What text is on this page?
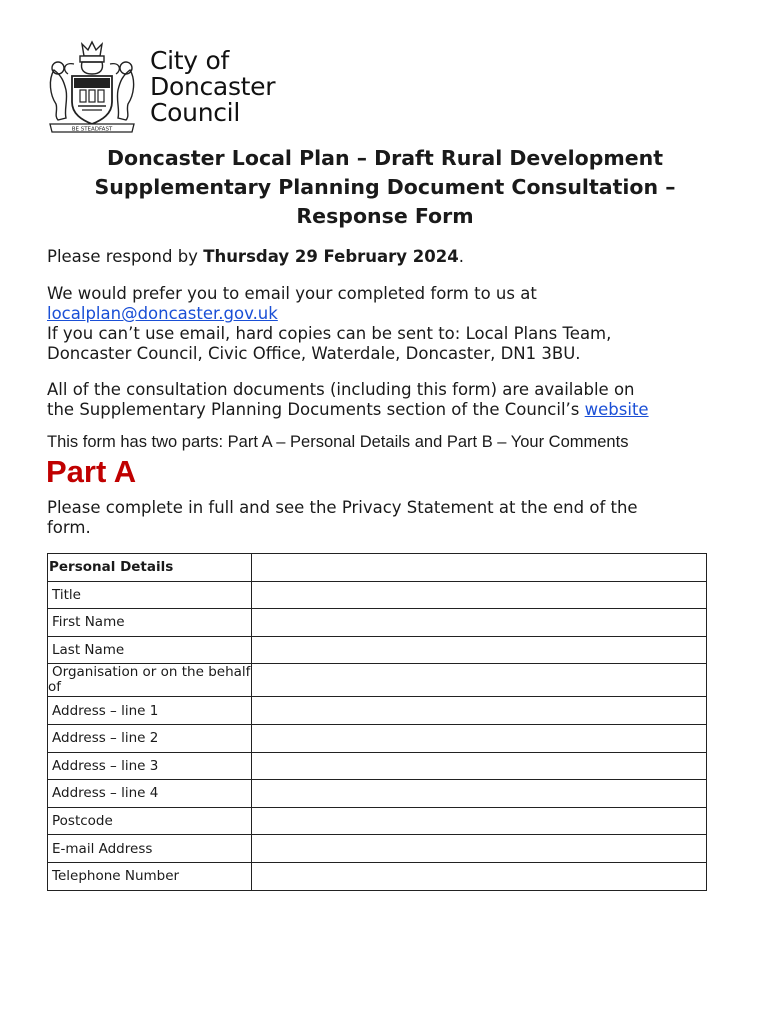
BE STEADFAST
City of
Doncaster
Council
Doncaster Local Plan – Draft Rural Development
Supplementary Planning Document Consultation –
Response Form
Please respond by Thursday 29 February 2024.
We would prefer you to email your completed form to us at
localplan@doncaster.gov.uk
If you can’t use email, hard copies can be sent to: Local Plans Team,
Doncaster Council, Civic Office, Waterdale, Doncaster, DN1 3BU.
All of the consultation documents (including this form) are available on
the Supplementary Planning Documents section of the Council’s website
This form has two parts: Part A – Personal Details and Part B – Your Comments
Part A
Please complete in full and see the Privacy Statement at the end of the
form.
Personal Details	
Title	
First Name	
Last Name	
Organisation or on the behalf of	
Address – line 1	
Address – line 2	
Address – line 3	
Address – line 4	
Postcode	
E-mail Address	
Telephone Number	
